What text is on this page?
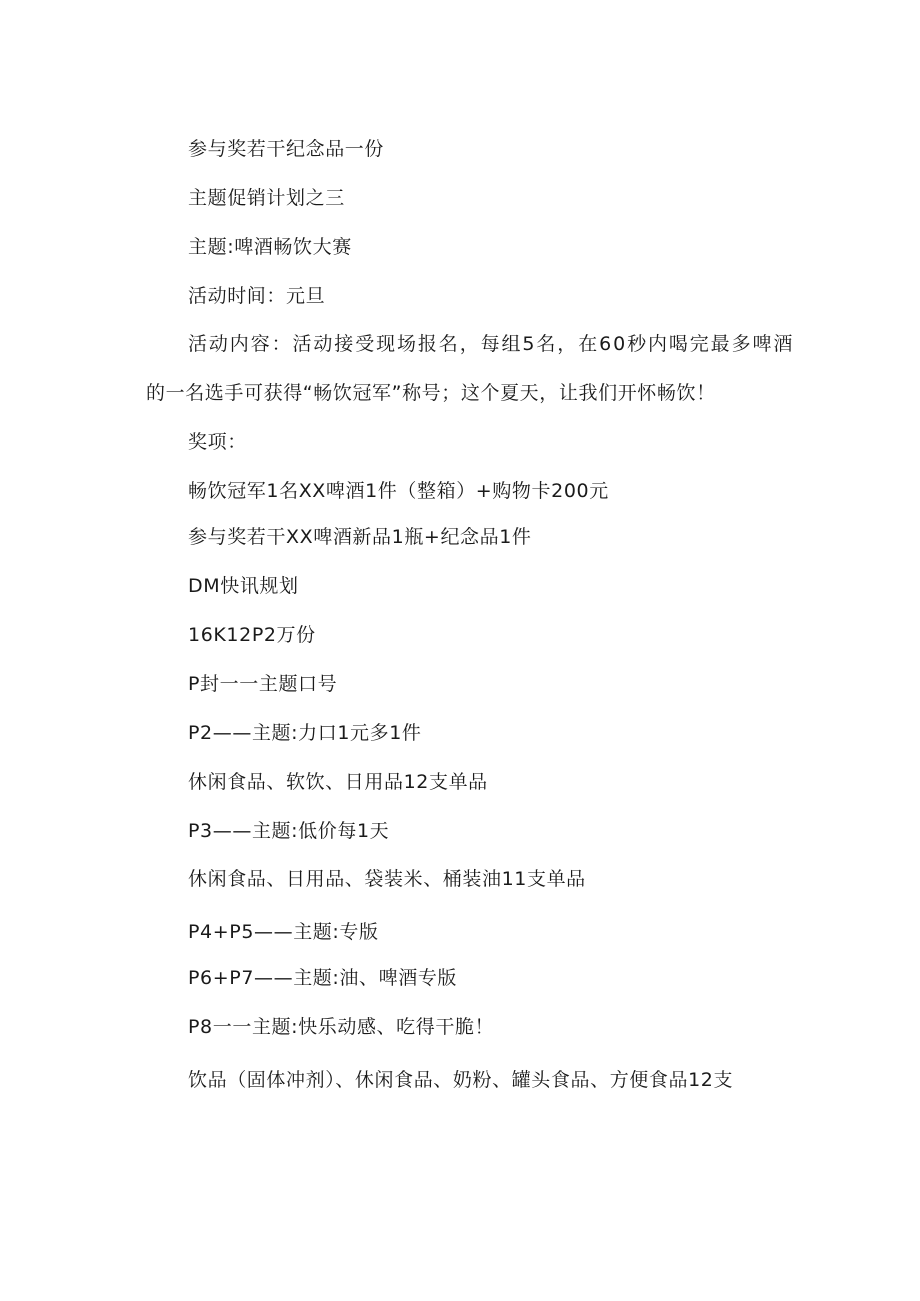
参与奖若干纪念品一份
主题促销计划之三
主题:啤酒畅饮大赛
活动时间：元旦
活动内容：活动接受现场报名，每组5名，在60秒内喝完最多啤酒
的一名选手可获得“畅饮冠军”称号；这个夏天，让我们开怀畅饮！
奖项：
畅饮冠军1名XX啤酒1件（整箱）+购物卡200元
参与奖若干XX啤酒新品1瓶+纪念品1件
DM快讯规划
16K12P2万份
P封一一主题口号
P2——主题:力口1元多1件
休闲食品、软饮、日用品12支单品
P3——主题:低价每1天
休闲食品、日用品、袋装米、桶装油11支单品
P4+P5——主题:专版
P6+P7——主题:油、啤酒专版
P8一一主题:快乐动感、吃得干脆！
饮品（固体冲剂）、休闲食品、奶粉、罐头食品、方便食品12支
